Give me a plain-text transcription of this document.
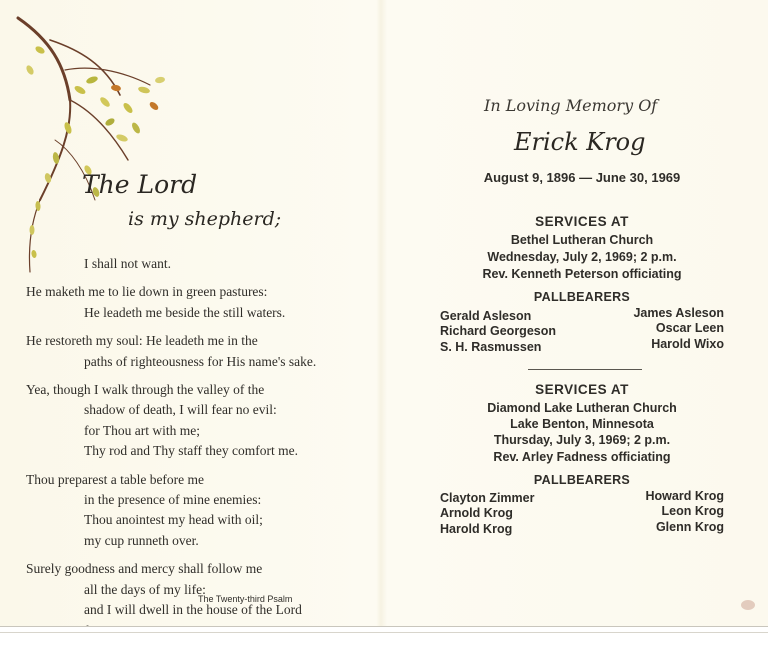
The Lord
is my shepherd;
I shall not want.
He maketh me to lie down in green pastures:
He leadeth me beside the still waters.
He restoreth my soul: He leadeth me in the
paths of righteousness for His name's sake.
Yea, though I walk through the valley of the
shadow of death, I will fear no evil:
for Thou art with me;
Thy rod and Thy staff they comfort me.
Thou preparest a table before me
in the presence of mine enemies:
Thou anointest my head with oil;
my cup runneth over.
Surely goodness and mercy shall follow me
all the days of my life:
and I will dwell in the house of the Lord
The Twenty-third Psalm
In Loving Memory Of
Erick Krog
August 9, 1896 — June 30, 1969
SERVICES AT
Bethel Lutheran Church
Wednesday, July 2, 1969; 2 p.m.
Rev. Kenneth Peterson officiating
PALLBEARERS
Gerald Asleson
Richard Georgeson
S. H. Rasmussen
James Asleson
Oscar Leen
Harold Wixo
SERVICES AT
Diamond Lake Lutheran Church
Lake Benton, Minnesota
Thursday, July 3, 1969; 2 p.m.
Rev. Arley Fadness officiating
PALLBEARERS
Clayton Zimmer
Arnold Krog
Harold Krog
Howard Krog
Leon Krog
Glenn Krog
